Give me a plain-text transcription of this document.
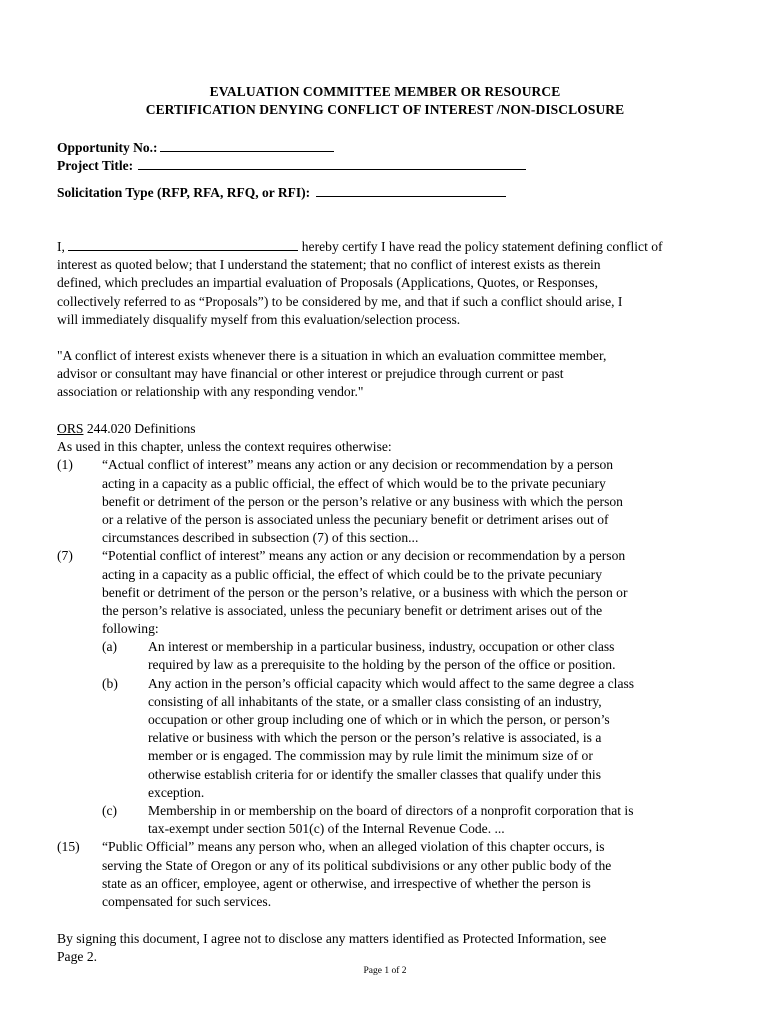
EVALUATION COMMITTEE MEMBER OR RESOURCE
CERTIFICATION DENYING CONFLICT OF INTEREST /NON-DISCLOSURE
Opportunity No.:
Project Title:
Solicitation Type (RFP, RFA, RFQ, or RFI):
I,	hereby certify I have read the policy statement defining conflict of
interest as quoted below; that I understand the statement; that no conflict of interest exists as therein
defined, which precludes an impartial evaluation of Proposals (Applications, Quotes, or Responses,
collectively referred to as “Proposals”) to be considered by me, and that if such a conflict should arise, I
will immediately disqualify myself from this evaluation/selection process.
"A conflict of interest exists whenever there is a situation in which an evaluation committee member,
advisor or consultant may have financial or other interest or prejudice through current or past
association or relationship with any responding vendor."
ORS 244.020 Definitions
As used in this chapter, unless the context requires otherwise:
(1) “Actual conflict of interest” means any action or any decision or recommendation by a person
acting in a capacity as a public official, the effect of which would be to the private pecuniary
benefit or detriment of the person or the person’s relative or any business with which the person
or a relative of the person is associated unless the pecuniary benefit or detriment arises out of
circumstances described in subsection (7) of this section...
(7) “Potential conflict of interest” means any action or any decision or recommendation by a person
acting in a capacity as a public official, the effect of which could be to the private pecuniary
benefit or detriment of the person or the person’s relative, or a business with which the person or
the person’s relative is associated, unless the pecuniary benefit or detriment arises out of the
following:
(a) An interest or membership in a particular business, industry, occupation or other class
required by law as a prerequisite to the holding by the person of the office or position.
(b) Any action in the person’s official capacity which would affect to the same degree a class
consisting of all inhabitants of the state, or a smaller class consisting of an industry,
occupation or other group including one of which or in which the person, or person’s
relative or business with which the person or the person’s relative is associated, is a
member or is engaged. The commission may by rule limit the minimum size of or
otherwise establish criteria for or identify the smaller classes that qualify under this
exception.
(c) Membership in or membership on the board of directors of a nonprofit corporation that is
tax-exempt under section 501(c) of the Internal Revenue Code. ...
(15) “Public Official” means any person who, when an alleged violation of this chapter occurs, is
serving the State of Oregon or any of its political subdivisions or any other public body of the
state as an officer, employee, agent or otherwise, and irrespective of whether the person is
compensated for such services.
By signing this document, I agree not to disclose any matters identified as Protected Information, see
Page 2.
Page 1 of 2
